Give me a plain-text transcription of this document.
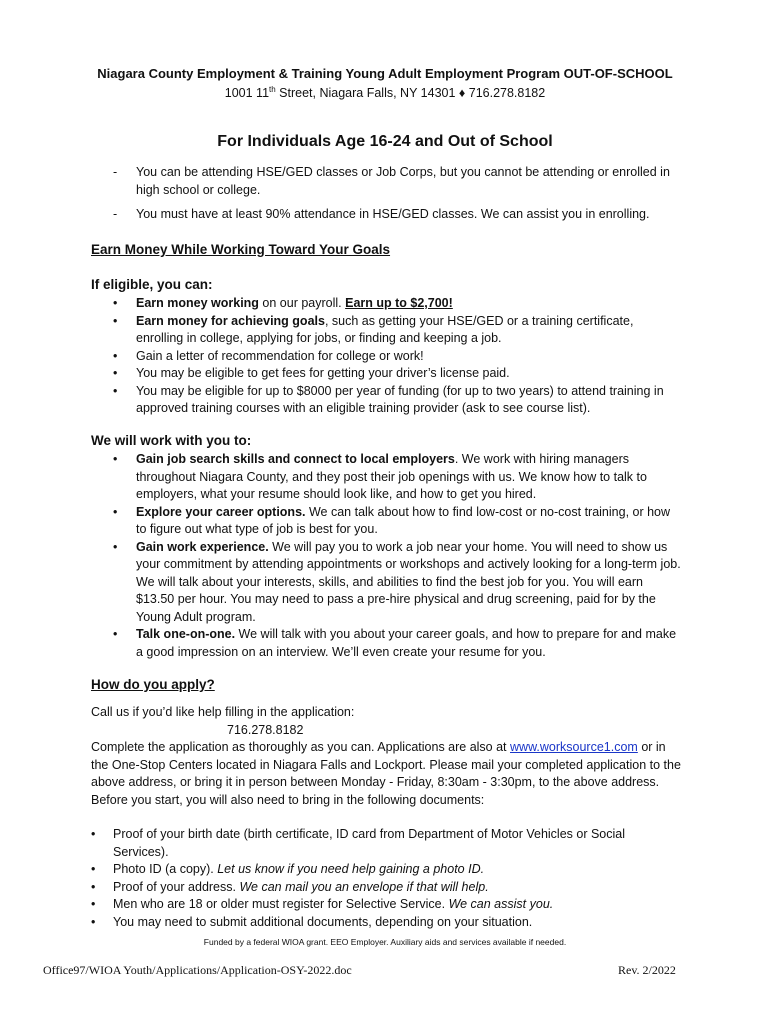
Niagara County Employment & Training Young Adult Employment Program OUT-OF-SCHOOL
1001 11th Street, Niagara Falls, NY 14301 ♦ 716.278.8182
For Individuals Age 16-24 and Out of School
- You can be attending HSE/GED classes or Job Corps, but you cannot be attending or enrolled in high school or college.
- You must have at least 90% attendance in HSE/GED classes. We can assist you in enrolling.
Earn Money While Working Toward Your Goals
If eligible, you can:
• Earn money working on our payroll. Earn up to $2,700!
• Earn money for achieving goals, such as getting your HSE/GED or a training certificate, enrolling in college, applying for jobs, or finding and keeping a job.
• Gain a letter of recommendation for college or work!
• You may be eligible to get fees for getting your driver’s license paid.
• You may be eligible for up to $8000 per year of funding (for up to two years) to attend training in approved training courses with an eligible training provider (ask to see course list).
We will work with you to:
• Gain job search skills and connect to local employers. We work with hiring managers throughout Niagara County, and they post their job openings with us. We know how to talk to employers, what your resume should look like, and how to get you hired.
• Explore your career options. We can talk about how to find low-cost or no-cost training, or how to figure out what type of job is best for you.
• Gain work experience. We will pay you to work a job near your home. You will need to show us your commitment by attending appointments or workshops and actively looking for a long-term job. We will talk about your interests, skills, and abilities to find the best job for you. You will earn $13.50 per hour. You may need to pass a pre-hire physical and drug screening, paid for by the Young Adult program.
• Talk one-on-one. We will talk with you about your career goals, and how to prepare for and make a good impression on an interview. We’ll even create your resume for you.
How do you apply?
Call us if you’d like help filling in the application:
716.278.8182
Complete the application as thoroughly as you can. Applications are also at www.worksource1.com or in the One-Stop Centers located in Niagara Falls and Lockport. Please mail your completed application to the above address, or bring it in person between Monday - Friday, 8:30am - 3:30pm, to the above address.
Before you start, you will also need to bring in the following documents:
• Proof of your birth date (birth certificate, ID card from Department of Motor Vehicles or Social Services).
• Photo ID (a copy). Let us know if you need help gaining a photo ID.
• Proof of your address. We can mail you an envelope if that will help.
• Men who are 18 or older must register for Selective Service. We can assist you.
• You may need to submit additional documents, depending on your situation.
Funded by a federal WIOA grant. EEO Employer. Auxiliary aids and services available if needed.
Office97/WIOA Youth/Applications/Application-OSY-2022.doc	Rev. 2/2022
